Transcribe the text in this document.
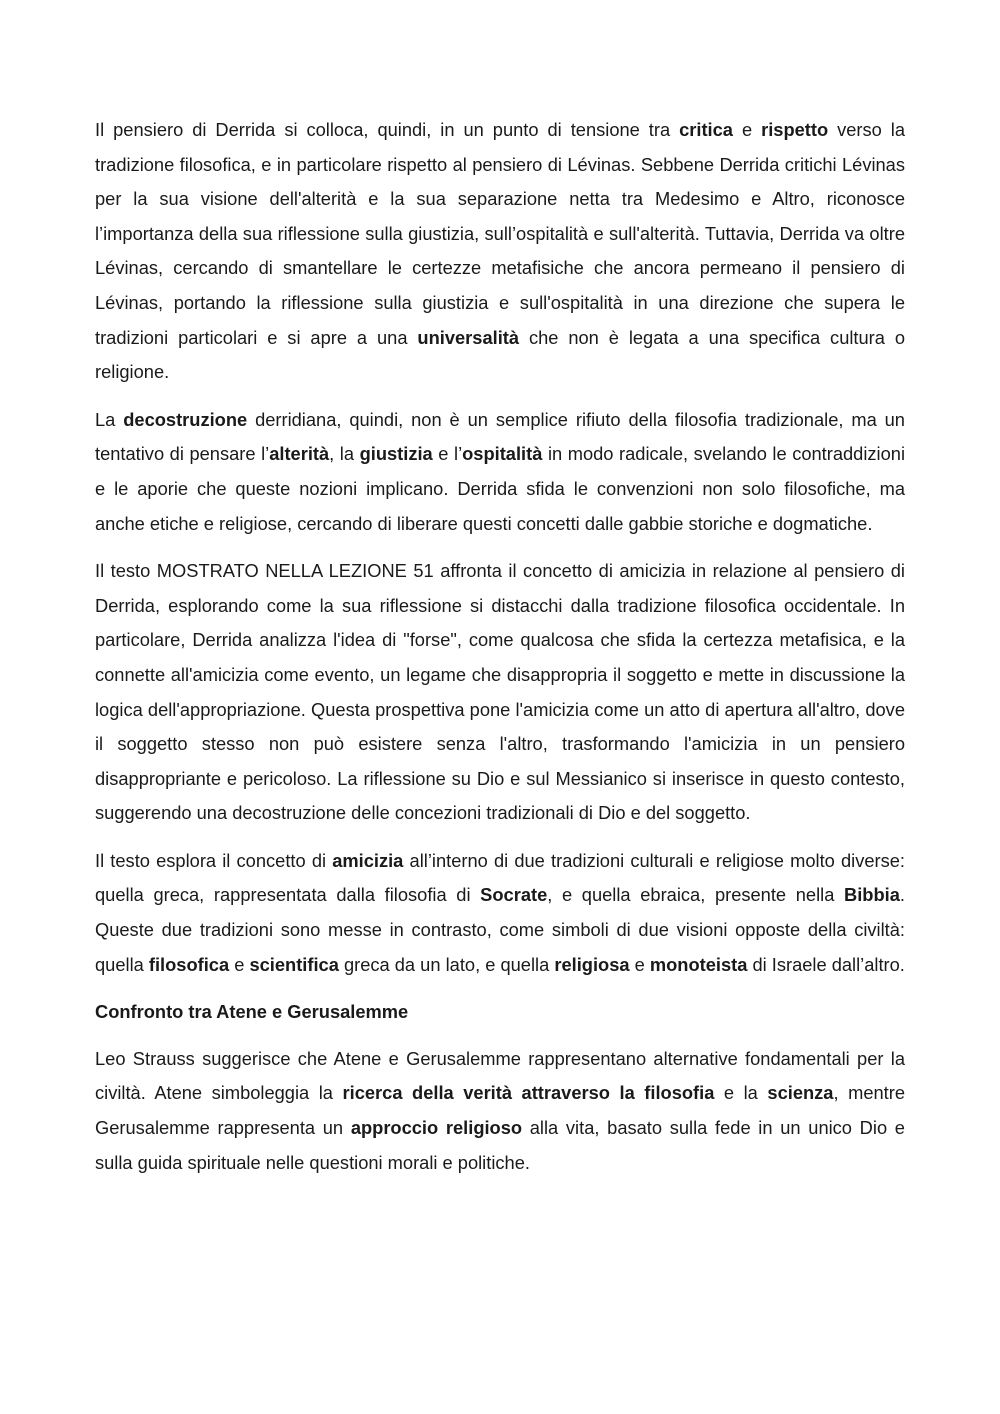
Il pensiero di Derrida si colloca, quindi, in un punto di tensione tra critica e rispetto verso la tradizione filosofica, e in particolare rispetto al pensiero di Lévinas. Sebbene Derrida critichi Lévinas per la sua visione dell'alterità e la sua separazione netta tra Medesimo e Altro, riconosce l’importanza della sua riflessione sulla giustizia, sull’ospitalità e sull'alterità. Tuttavia, Derrida va oltre Lévinas, cercando di smantellare le certezze metafisiche che ancora permeano il pensiero di Lévinas, portando la riflessione sulla giustizia e sull'ospitalità in una direzione che supera le tradizioni particolari e si apre a una universalità che non è legata a una specifica cultura o religione.

La decostruzione derridiana, quindi, non è un semplice rifiuto della filosofia tradizionale, ma un tentativo di pensare l’alterità, la giustizia e l’ospitalità in modo radicale, svelando le contraddizioni e le aporie che queste nozioni implicano. Derrida sfida le convenzioni non solo filosofiche, ma anche etiche e religiose, cercando di liberare questi concetti dalle gabbie storiche e dogmatiche.

Il testo MOSTRATO NELLA LEZIONE 51 affronta il concetto di amicizia in relazione al pensiero di Derrida, esplorando come la sua riflessione si distacchi dalla tradizione filosofica occidentale. In particolare, Derrida analizza l'idea di "forse", come qualcosa che sfida la certezza metafisica, e la connette all'amicizia come evento, un legame che disappropria il soggetto e mette in discussione la logica dell'appropriazione. Questa prospettiva pone l'amicizia come un atto di apertura all'altro, dove il soggetto stesso non può esistere senza l'altro, trasformando l'amicizia in un pensiero disappropriante e pericoloso. La riflessione su Dio e sul Messianico si inserisce in questo contesto, suggerendo una decostruzione delle concezioni tradizionali di Dio e del soggetto.

Il testo esplora il concetto di amicizia all’interno di due tradizioni culturali e religiose molto diverse: quella greca, rappresentata dalla filosofia di Socrate, e quella ebraica, presente nella Bibbia. Queste due tradizioni sono messe in contrasto, come simboli di due visioni opposte della civiltà: quella filosofica e scientifica greca da un lato, e quella religiosa e monoteista di Israele dall’altro.

Confronto tra Atene e Gerusalemme

Leo Strauss suggerisce che Atene e Gerusalemme rappresentano alternative fondamentali per la civiltà. Atene simboleggia la ricerca della verità attraverso la filosofia e la scienza, mentre Gerusalemme rappresenta un approccio religioso alla vita, basato sulla fede in un unico Dio e sulla guida spirituale nelle questioni morali e politiche.
